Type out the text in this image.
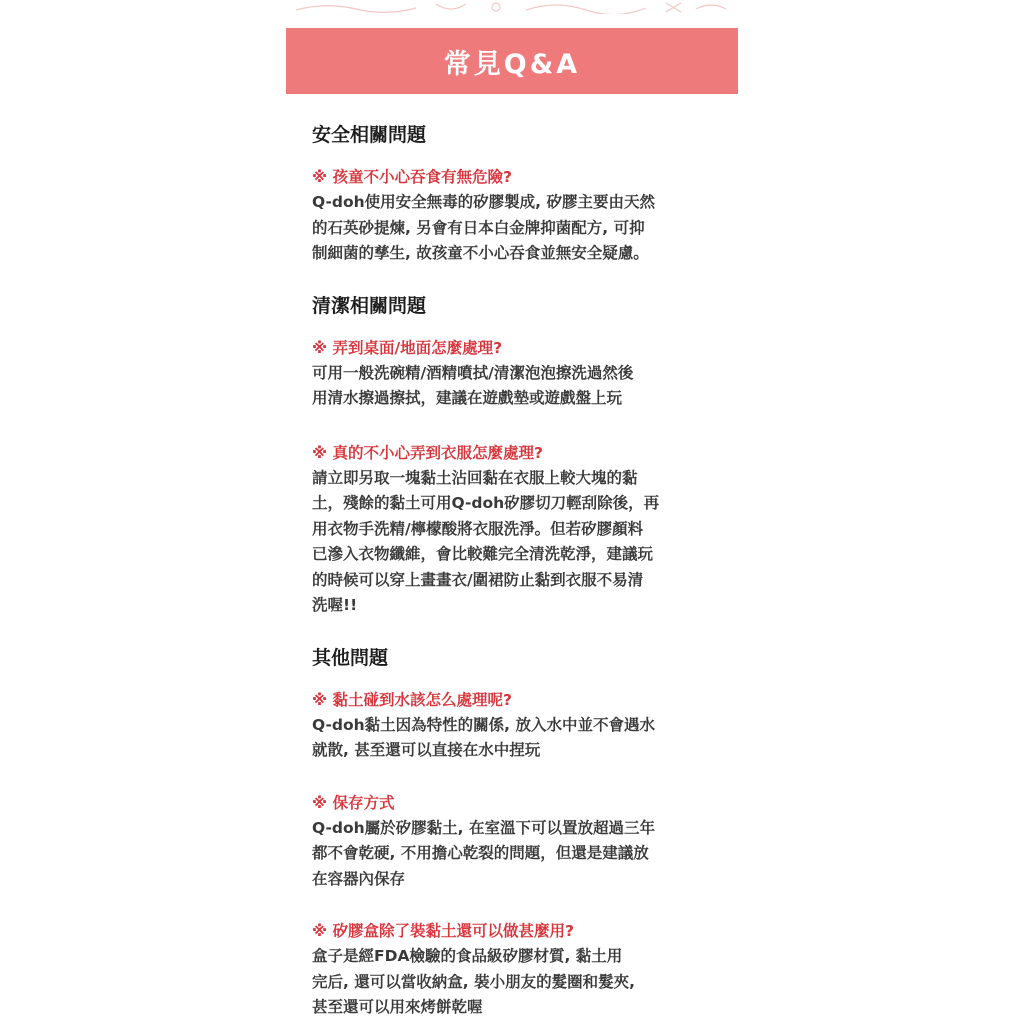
常見Q&A
安全相關問題

※ 孩童不小心吞食有無危險?

Q-doh使用安全無毒的矽膠製成, 矽膠主要由天然
的石英砂提煉, 另會有日本白金牌抑菌配方, 可抑
制細菌的孳生, 故孩童不小心吞食並無安全疑慮。

清潔相關問題

※ 弄到桌面/地面怎麼處理?

可用一般洗碗精/酒精噴拭/清潔泡泡擦洗過然後
用清水擦過擦拭，建議在遊戲墊或遊戲盤上玩

※ 真的不小心弄到衣服怎麼處理?

請立即另取一塊黏土沾回黏在衣服上較大塊的黏
土，殘餘的黏土可用Q-doh矽膠切刀輕刮除後，再
用衣物手洗精/檸檬酸將衣服洗淨。但若矽膠顏料
已滲入衣物纖維，會比較難完全清洗乾淨，建議玩
的時候可以穿上畫畫衣/圍裙防止黏到衣服不易清
洗喔!!

其他問題

※ 黏土碰到水該怎么處理呢?

Q-doh黏土因為特性的關係, 放入水中並不會遇水
就散, 甚至還可以直接在水中捏玩

※ 保存方式

Q-doh屬於矽膠黏土, 在室溫下可以置放超過三年
都不會乾硬, 不用擔心乾裂的問題，但還是建議放
在容器內保存

※ 矽膠盒除了裝黏土還可以做甚麼用?

盒子是經FDA檢驗的食品級矽膠材質, 黏土用
完后, 還可以當收納盒, 裝小朋友的髮圈和髮夾,
甚至還可以用來烤餅乾喔
